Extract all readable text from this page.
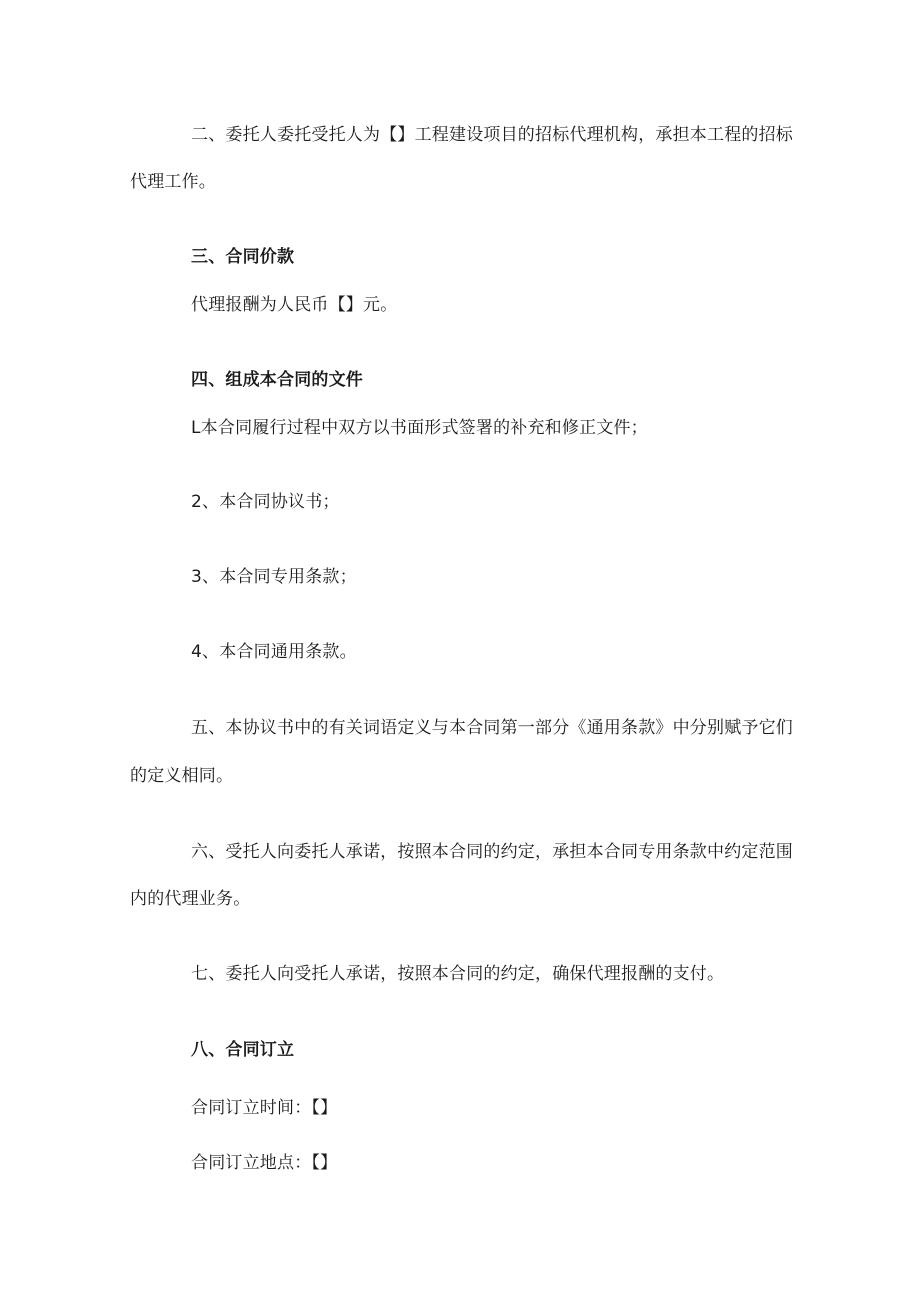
二、委托人委托受托人为【】工程建设项目的招标代理机构，承担本工程的招标
代理工作。
三、合同价款
代理报酬为人民币【】元。
四、组成本合同的文件
L本合同履行过程中双方以书面形式签署的补充和修正文件；
2、本合同协议书；
3、本合同专用条款；
4、本合同通用条款。
五、本协议书中的有关词语定义与本合同第一部分《通用条款》中分别赋予它们
的定义相同。
六、受托人向委托人承诺，按照本合同的约定，承担本合同专用条款中约定范围
内的代理业务。
七、委托人向受托人承诺，按照本合同的约定，确保代理报酬的支付。
八、合同订立
合同订立时间：【】
合同订立地点：【】
